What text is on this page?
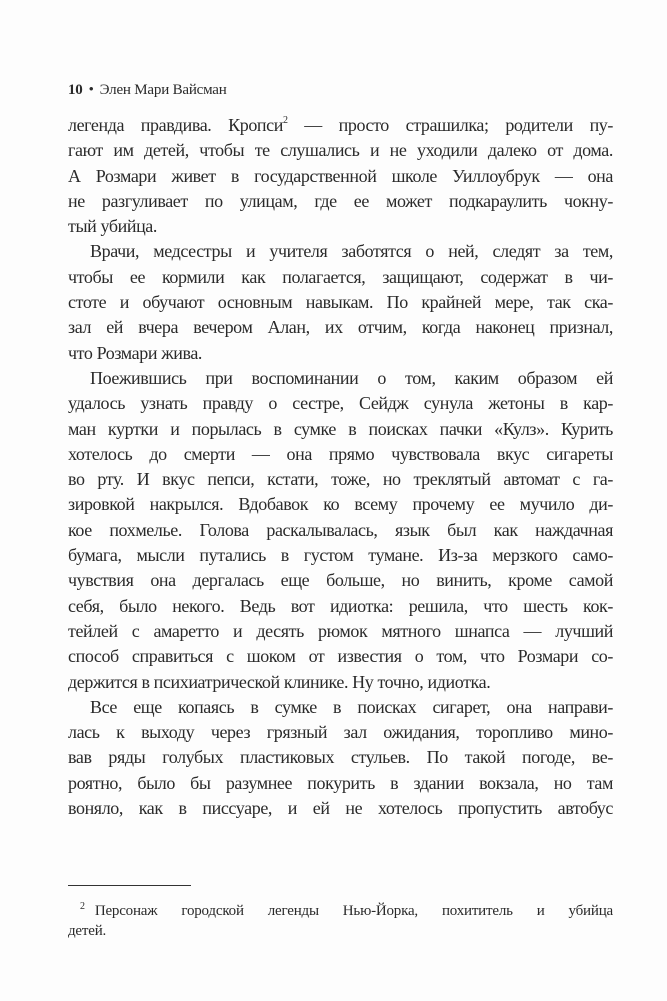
10 • Элен Мари Вайсман
легенда правдива. Кропси$^2$ — просто страшилка; родители пу-
гают им детей, чтобы те слушались и не уходили далеко от дома.
А Розмари живет в государственной школе Уиллоубрук — она
не разгуливает по улицам, где ее может подкараулить чокну-
тый убийца.
Врачи, медсестры и учителя заботятся о ней, следят за тем,
чтобы ее кормили как полагается, защищают, содержат в чи-
стоте и обучают основным навыкам. По крайней мере, так ска-
зал ей вчера вечером Алан, их отчим, когда наконец признал,
что Розмари жива.
Поежившись при воспоминании о том, каким образом ей
удалось узнать правду о сестре, Сейдж сунула жетоны в кар-
ман куртки и порылась в сумке в поисках пачки «Кулз». Курить
хотелось до смерти — она прямо чувствовала вкус сигареты
во рту. И вкус пепси, кстати, тоже, но треклятый автомат с га-
зировкой накрылся. Вдобавок ко всему прочему ее мучило ди-
кое похмелье. Голова раскалывалась, язык был как наждачная
бумага, мысли путались в густом тумане. Из-за мерзкого само-
чувствия она дергалась еще больше, но винить, кроме самой
себя, было некого. Ведь вот идиотка: решила, что шесть кок-
тейлей с амаретто и десять рюмок мятного шнапса — лучший
способ справиться с шоком от известия о том, что Розмари со-
держится в психиатрической клинике. Ну точно, идиотка.
Все еще копаясь в сумке в поисках сигарет, она направи-
лась к выходу через грязный зал ожидания, торопливо мино-
вав ряды голубых пластиковых стульев. По такой погоде, ве-
роятно, было бы разумнее покурить в здании вокзала, но там
воняло, как в писсуаре, и ей не хотелось пропустить автобус
$^2$ Персонаж городской легенды Нью-Йорка, похититель и убийца
детей.
